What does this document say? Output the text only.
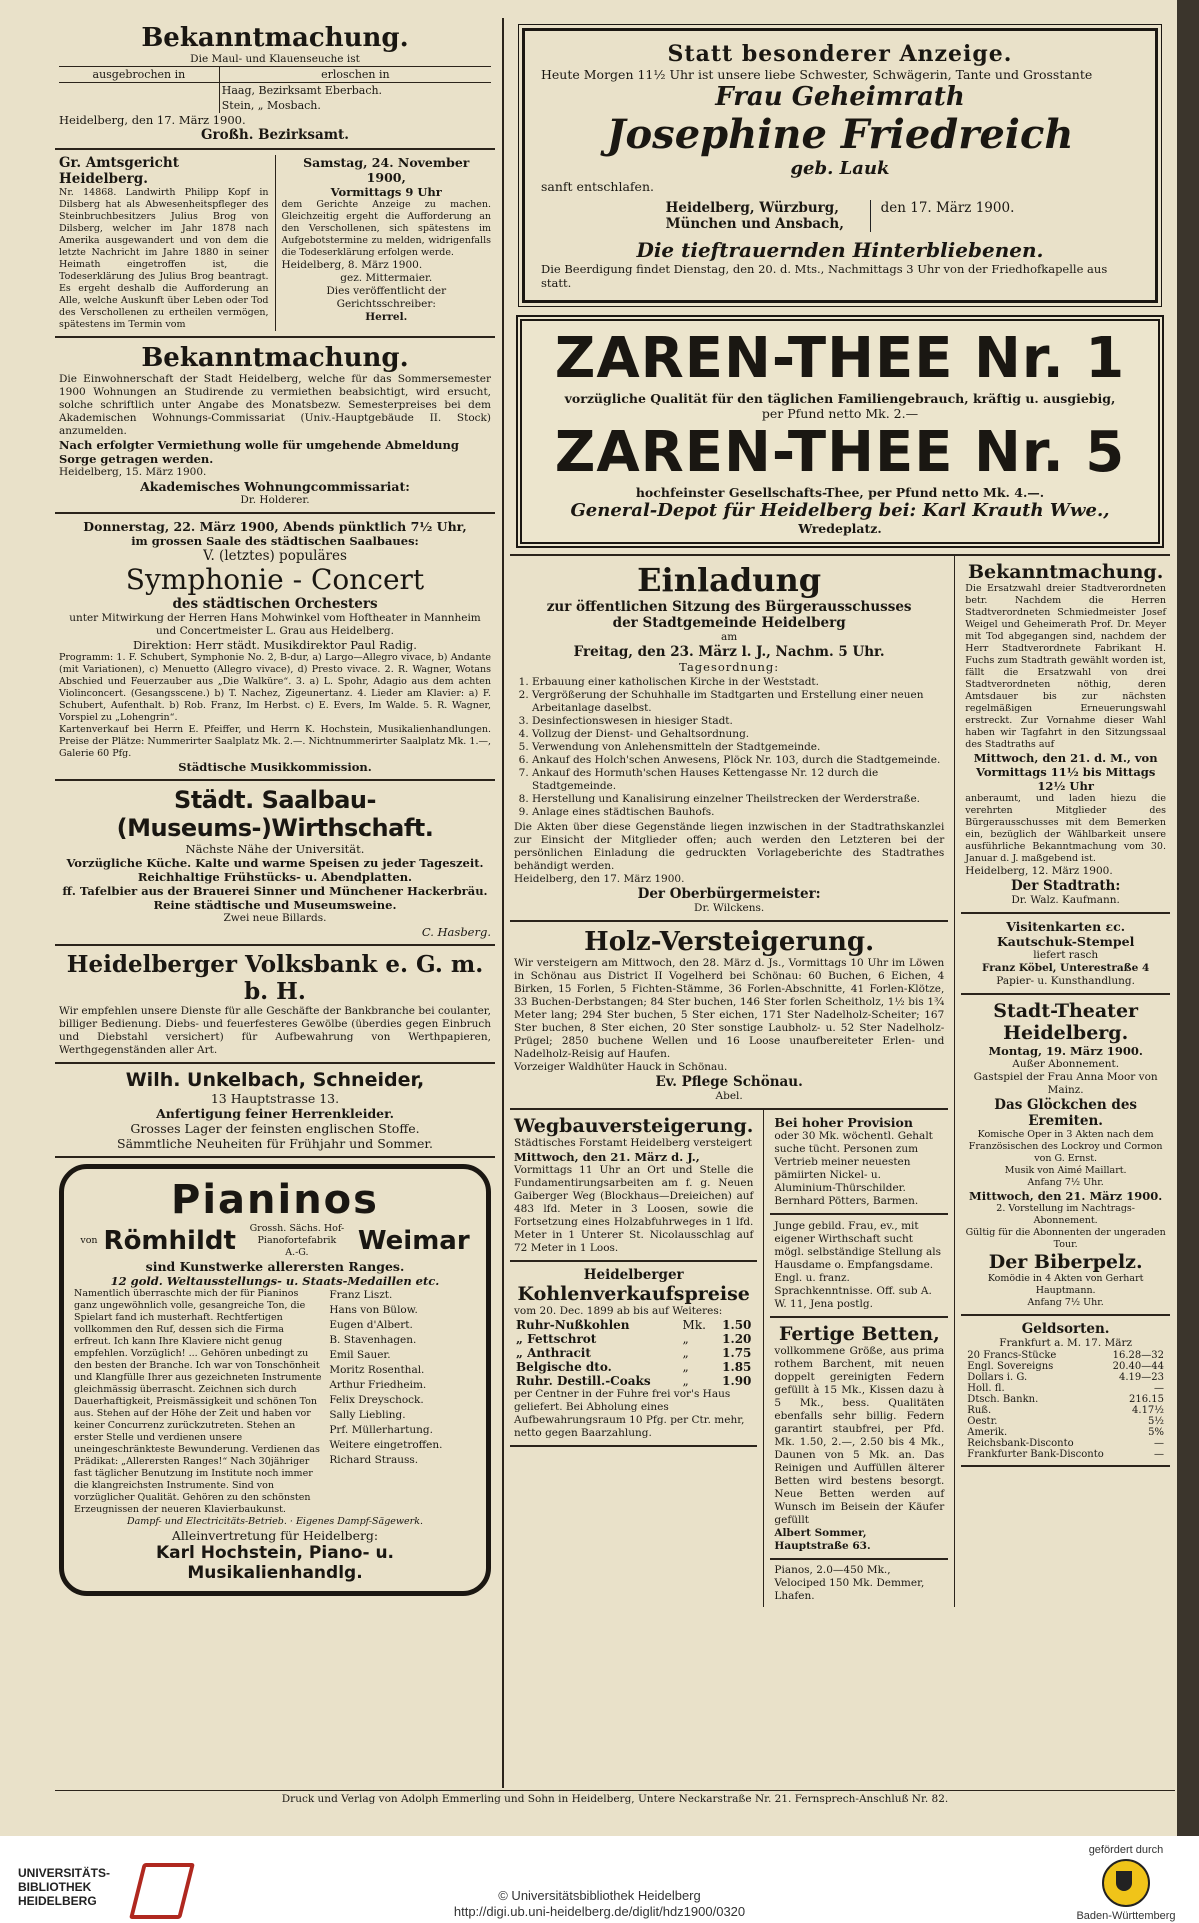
Bekanntmachung.
Die Maul- und Klauenseuche ist
ausgebrochen in	erloschen in
	Haag, Bezirksamt Eberbach.
	Stein, „ Mosbach.
Heidelberg, den 17. März 1900.
Großh. Bezirksamt.
Gr. Amtsgericht Heidelberg.
Nr. 14868. Landwirth Philipp Kopf in Dilsberg hat als Abwesenheitspfleger des Steinbruchbesitzers Julius Brog von Dilsberg, welcher im Jahr 1878 nach Amerika ausgewandert und von dem die letzte Nachricht im Jahre 1880 in seiner Heimath eingetroffen ist, die Todeserklärung des Julius Brog beantragt. Es ergeht deshalb die Aufforderung an Alle, welche Auskunft über Leben oder Tod des Verschollenen zu ertheilen vermögen, spätestens im Termin vom
Samstag, 24. November 1900,
Vormittags 9 Uhr
dem Gerichte Anzeige zu machen. Gleichzeitig ergeht die Aufforderung an den Verschollenen, sich spätestens im Aufgebotstermine zu melden, widrigenfalls die Todeserklärung erfolgen werde.
Heidelberg, 8. März 1900.
gez. Mittermaier.
Dies veröffentlicht der Gerichtsschreiber:
Herrel.
Bekanntmachung.
Die Einwohnerschaft der Stadt Heidelberg, welche für das Sommersemester 1900 Wohnungen an Studirende zu vermiethen beabsichtigt, wird ersucht, solche schriftlich unter Angabe des Monatsbezw. Semesterpreises bei dem Akademischen Wohnungs-Commissariat (Univ.-Hauptgebäude II. Stock) anzumelden.
Nach erfolgter Vermiethung wolle für umgehende Abmeldung Sorge getragen werden.
Heidelberg, 15. März 1900.
Akademisches Wohnungcommissariat:
Dr. Holderer.
Donnerstag, 22. März 1900, Abends pünktlich 7½ Uhr,
im grossen Saale des städtischen Saalbaues:
V. (letztes) populäres
Symphonie - Concert
des städtischen Orchesters
unter Mitwirkung der Herren Hans Mohwinkel vom Hoftheater in Mannheim und Concertmeister L. Grau aus Heidelberg.
Direktion: Herr städt. Musikdirektor Paul Radig.
Programm: 1. F. Schubert, Symphonie No. 2, B-dur, a) Largo—Allegro vivace, b) Andante (mit Variationen), c) Menuetto (Allegro vivace), d) Presto vivace. 2. R. Wagner, Wotans Abschied und Feuerzauber aus „Die Walküre“. 3. a) L. Spohr, Adagio aus dem achten Violinconcert. (Gesangsscene.) b) T. Nachez, Zigeunertanz. 4. Lieder am Klavier: a) F. Schubert, Aufenthalt. b) Rob. Franz, Im Herbst. c) E. Evers, Im Walde. 5. R. Wagner, Vorspiel zu „Lohengrin“.
Kartenverkauf bei Herrn E. Pfeiffer, und Herrn K. Hochstein, Musikalienhandlungen. Preise der Plätze: Nummerirter Saalplatz Mk. 2.—. Nichtnummerirter Saalplatz Mk. 1.—, Galerie 60 Pfg.
Städtische Musikkommission.
Städt. Saalbau- (Museums-)Wirthschaft.
Nächste Nähe der Universität.
Vorzügliche Küche. Kalte und warme Speisen zu jeder Tageszeit.
Reichhaltige Frühstücks- u. Abendplatten.
ff. Tafelbier aus der Brauerei Sinner und Münchener Hackerbräu.
Reine städtische und Museumsweine.
Zwei neue Billards.
C. Hasberg.
Heidelberger Volksbank e. G. m. b. H.
Wir empfehlen unsere Dienste für alle Geschäfte der Bankbranche bei coulanter, billiger Bedienung. Diebs- und feuerfesteres Gewölbe (überdies gegen Einbruch und Diebstahl versichert) für Aufbewahrung von Werthpapieren, Werthgegenständen aller Art.
Wilh. Unkelbach, Schneider,
13 Hauptstrasse 13.
Anfertigung feiner Herrenkleider.
Grosses Lager der feinsten englischen Stoffe.
Sämmtliche Neuheiten für Frühjahr und Sommer.
Pianinos
von Römhildt	Grossh. Sächs. Hof-Pianofortefabrik
A.-G.	Weimar
sind Kunstwerke allerersten Ranges.
12 gold. Weltausstellungs- u. Staats-Medaillen etc.
Namentlich überraschte mich der für Pianinos ganz ungewöhnlich volle, gesangreiche Ton, die Spielart fand ich musterhaft. Rechtfertigen vollkommen den Ruf, dessen sich die Firma erfreut. Ich kann Ihre Klaviere nicht genug empfehlen. Vorzüglich! ... Gehören unbedingt zu den besten der Branche. Ich war von Tonschönheit und Klangfülle Ihrer aus gezeichneten Instrumente gleichmässig überrascht. Zeichnen sich durch Dauerhaftigkeit, Preismässigkeit und schönen Ton aus. Stehen auf der Höhe der Zeit und haben vor keiner Concurrenz zurückzutreten. Stehen an erster Stelle und verdienen unsere uneingeschränkteste Bewunderung. Verdienen das Prädikat: „Allerersten Ranges!“ Nach 30jähriger fast täglicher Benutzung im Institute noch immer die klangreichsten Instrumente. Sind von vorzüglicher Qualität. Gehören zu den schönsten Erzeugnissen der neueren Klavierbaukunst.
Franz Liszt.
Hans von Bülow.
Eugen d'Albert.
B. Stavenhagen.
Emil Sauer.
Moritz Rosenthal.
Arthur Friedheim.
Felix Dreyschock.
Sally Liebling.
Prf. Müllerhartung.
Weitere eingetroffen.
Richard Strauss.
Dampf- und Electricitäts-Betrieb. · Eigenes Dampf-Sägewerk.
Alleinvertretung für Heidelberg:
Karl Hochstein, Piano- u. Musikalienhandlg.
Statt besonderer Anzeige.
Heute Morgen 11½ Uhr ist unsere liebe Schwester, Schwägerin, Tante und Grosstante
Frau Geheimrath
Josephine Friedreich
geb. Lauk
sanft entschlafen.
Heidelberg, Würzburg, München und Ansbach,
den 17. März 1900.
Die tieftrauernden Hinterbliebenen.
Die Beerdigung findet Dienstag, den 20. d. Mts., Nachmittags 3 Uhr von der Friedhofkapelle aus statt.
ZAREN-THEE Nr. 1
vorzügliche Qualität für den täglichen Familiengebrauch, kräftig u. ausgiebig,
per Pfund netto Mk. 2.—
ZAREN-THEE Nr. 5
hochfeinster Gesellschafts-Thee, per Pfund netto Mk. 4.—.
General-Depot für Heidelberg bei: Karl Krauth Wwe.,
Wredeplatz.
Einladung
zur öffentlichen Sitzung des Bürgerausschusses
der Stadtgemeinde Heidelberg
am
Freitag, den 23. März l. J., Nachm. 5 Uhr.
Tagesordnung:
1. Erbauung einer katholischen Kirche in der Weststadt.
2. Vergrößerung der Schuhhalle im Stadtgarten und Erstellung einer neuen Arbeitanlage daselbst.
3. Desinfectionswesen in hiesiger Stadt.
4. Vollzug der Dienst- und Gehaltsordnung.
5. Verwendung von Anlehensmitteln der Stadtgemeinde.
6. Ankauf des Holch'schen Anwesens, Plöck Nr. 103, durch die Stadtgemeinde.
7. Ankauf des Hormuth'schen Hauses Kettengasse Nr. 12 durch die Stadtgemeinde.
8. Herstellung und Kanalisirung einzelner Theilstrecken der Werderstraße.
9. Anlage eines städtischen Bauhofs.
Die Akten über diese Gegenstände liegen inzwischen in der Stadtrathskanzlei zur Einsicht der Mitglieder offen; auch werden den Letzteren bei der persönlichen Einladung die gedruckten Vorlageberichte des Stadtrathes behändigt werden.
Heidelberg, den 17. März 1900.
Der Oberbürgermeister:
Dr. Wilckens.
Holz-Versteigerung.
Wir versteigern am Mittwoch, den 28. März d. Js., Vormittags 10 Uhr im Löwen in Schönau aus District II Vogelherd bei Schönau: 60 Buchen, 6 Eichen, 4 Birken, 15 Forlen, 5 Fichten-Stämme, 36 Forlen-Abschnitte, 41 Forlen-Klötze, 33 Buchen-Derbstangen; 84 Ster buchen, 146 Ster forlen Scheitholz, 1½ bis 1¾ Meter lang; 294 Ster buchen, 5 Ster eichen, 171 Ster Nadelholz-Scheiter; 167 Ster buchen, 8 Ster eichen, 20 Ster sonstige Laubholz- u. 52 Ster Nadelholz-Prügel; 2850 buchene Wellen und 16 Loose unaufbereiteter Erlen- und Nadelholz-Reisig auf Haufen.
Vorzeiger Waldhüter Hauck in Schönau.
Ev. Pflege Schönau.
Abel.
Wegbauversteigerung.
Städtisches Forstamt Heidelberg versteigert
Mittwoch, den 21. März d. J.,
Vormittags 11 Uhr an Ort und Stelle die Fundamentirungsarbeiten am f. g. Neuen Gaiberger Weg (Blockhaus—Dreieichen) auf 483 lfd. Meter in 3 Loosen, sowie die Fortsetzung eines Holzabfuhrweges in 1 lfd. Meter in 1 Unterer St. Nicolausschlag auf 72 Meter in 1 Loos.
Heidelberger
Kohlenverkaufspreise
vom 20. Dec. 1899 ab bis auf Weiteres:
Ruhr-Nußkohlen	Mk.	1.50
„ Fettschrot	„	1.20
„ Anthracit	„	1.75
Belgische dto.	„	1.85
Ruhr. Destill.-Coaks	„	1.90
per Centner in der Fuhre frei vor's Haus geliefert. Bei Abholung eines Aufbewahrungsraum 10 Pfg. per Ctr. mehr, netto gegen Baarzahlung.
Bei hoher Provision
oder 30 Mk. wöchentl. Gehalt suche tücht. Personen zum Vertrieb meiner neuesten pämiirten Nickel- u. Aluminium-Thürschilder. Bernhard Pötters, Barmen.
Junge gebild. Frau, ev., mit eigener Wirthschaft sucht mögl. selbständige Stellung als Hausdame o. Empfangsdame. Engl. u. franz. Sprachkenntnisse. Off. sub A. W. 11, Jena postlg.
Fertige Betten,
vollkommene Größe, aus prima rothem Barchent, mit neuen doppelt gereinigten Federn gefüllt à 15 Mk., Kissen dazu à 5 Mk., bess. Qualitäten ebenfalls sehr billig. Federn garantirt staubfrei, per Pfd. Mk. 1.50, 2.—, 2.50 bis 4 Mk., Daunen von 5 Mk. an. Das Reinigen und Auffüllen älterer Betten wird bestens besorgt. Neue Betten werden auf Wunsch im Beisein der Käufer gefüllt
Albert Sommer, Hauptstraße 63.
Pianos, 2.0—450 Mk., Velociped 150 Mk. Demmer, Lhafen.
Bekanntmachung.
Die Ersatzwahl dreier Stadtverordneten betr. Nachdem die Herren Stadtverordneten Schmiedmeister Josef Weigel und Geheimerath Prof. Dr. Meyer mit Tod abgegangen sind, nachdem der Herr Stadtverordnete Fabrikant H. Fuchs zum Stadtrath gewählt worden ist, fällt die Ersatzwahl von drei Stadtverordneten nöthig, deren Amtsdauer bis zur nächsten regelmäßigen Erneuerungswahl erstreckt. Zur Vornahme dieser Wahl haben wir Tagfahrt in den Sitzungssaal des Stadtraths auf
Mittwoch, den 21. d. M., von Vormittags 11½ bis Mittags 12½ Uhr
anberaumt, und laden hiezu die verehrten Mitglieder des Bürgerausschusses mit dem Bemerken ein, bezüglich der Wählbarkeit unsere ausführliche Bekanntmachung vom 30. Januar d. J. maßgebend ist.
Heidelberg, 12. März 1900.
Der Stadtrath:
Dr. Walz. Kaufmann.
Visitenkarten ɛc.
Kautschuk-Stempel
liefert rasch
Franz Köbel, Unterestraße 4
Papier- u. Kunsthandlung.
Stadt-Theater Heidelberg.
Montag, 19. März 1900.
Außer Abonnement.
Gastspiel der Frau Anna Moor von Mainz.
Das Glöckchen des Eremiten.
Komische Oper in 3 Akten nach dem Französischen des Lockroy und Cormon von G. Ernst.
Musik von Aimé Maillart.
Anfang 7½ Uhr.
Mittwoch, den 21. März 1900.
2. Vorstellung im Nachtrags-Abonnement.
Gültig für die Abonnenten der ungeraden Tour.
Der Biberpelz.
Komödie in 4 Akten von Gerhart Hauptmann.
Anfang 7½ Uhr.
Geldsorten.
Frankfurt a. M. 17. März
20 Francs-Stücke	16.28—32
Engl. Sovereigns	20.40—44
Dollars i. G.	4.19—23
Holl. fl.	—
Dtsch. Bankn.	216.15
Ruß.	4.17½
Oestr.	5½
Amerik.	5%
Reichsbank-Disconto	—
Frankfurter Bank-Disconto	—
Druck und Verlag von Adolph Emmerling und Sohn in Heidelberg, Untere Neckarstraße Nr. 21. Fernsprech-Anschluß Nr. 82.
UNIVERSITÄTS-
BIBLIOTHEK
HEIDELBERG	© Universitätsbibliothek Heidelberg
http://digi.ub.uni-heidelberg.de/diglit/hdz1900/0320
gefördert durch
Baden-Württemberg
